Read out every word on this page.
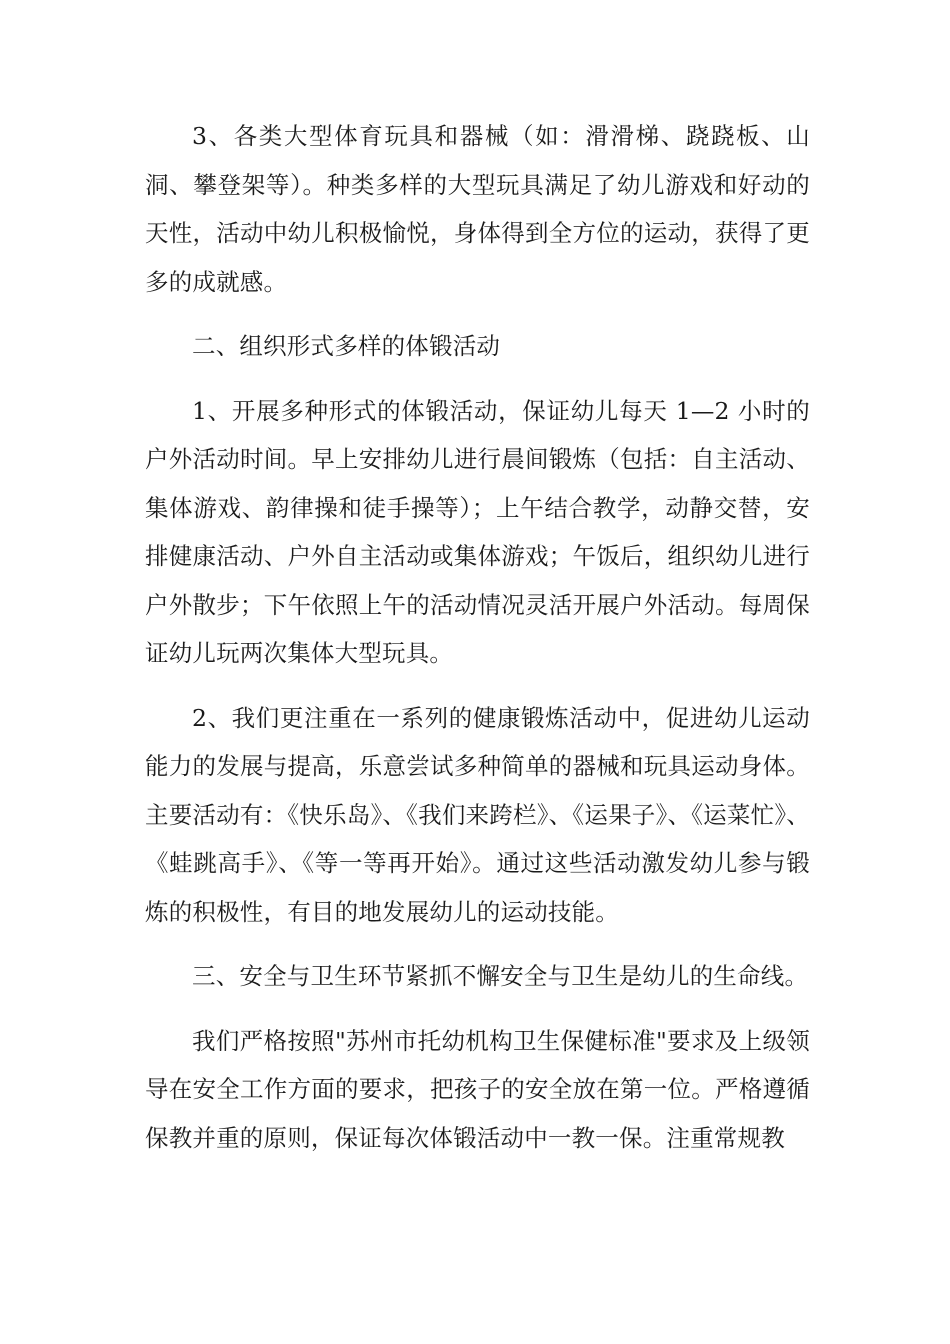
3、各类大型体育玩具和器械（如：滑滑梯、跷跷板、山洞、攀登架等）。种类多样的大型玩具满足了幼儿游戏和好动的天性，活动中幼儿积极愉悦，身体得到全方位的运动，获得了更多的成就感。

二、组织形式多样的体锻活动

1、开展多种形式的体锻活动，保证幼儿每天 1—2 小时的户外活动时间。早上安排幼儿进行晨间锻炼（包括：自主活动、集体游戏、韵律操和徒手操等）；上午结合教学，动静交替，安排健康活动、户外自主活动或集体游戏；午饭后，组织幼儿进行户外散步；下午依照上午的活动情况灵活开展户外活动。每周保证幼儿玩两次集体大型玩具。

2、我们更注重在一系列的健康锻炼活动中，促进幼儿运动能力的发展与提高，乐意尝试多种简单的器械和玩具运动身体。主要活动有：《快乐岛》、《我们来跨栏》、《运果子》、《运菜忙》、《蛙跳高手》、《等一等再开始》。通过这些活动激发幼儿参与锻炼的积极性，有目的地发展幼儿的运动技能。

三、安全与卫生环节紧抓不懈安全与卫生是幼儿的生命线。

我们严格按照"苏州市托幼机构卫生保健标准"要求及上级领导在安全工作方面的要求，把孩子的安全放在第一位。严格遵循保教并重的原则，保证每次体锻活动中一教一保。注重常规教
